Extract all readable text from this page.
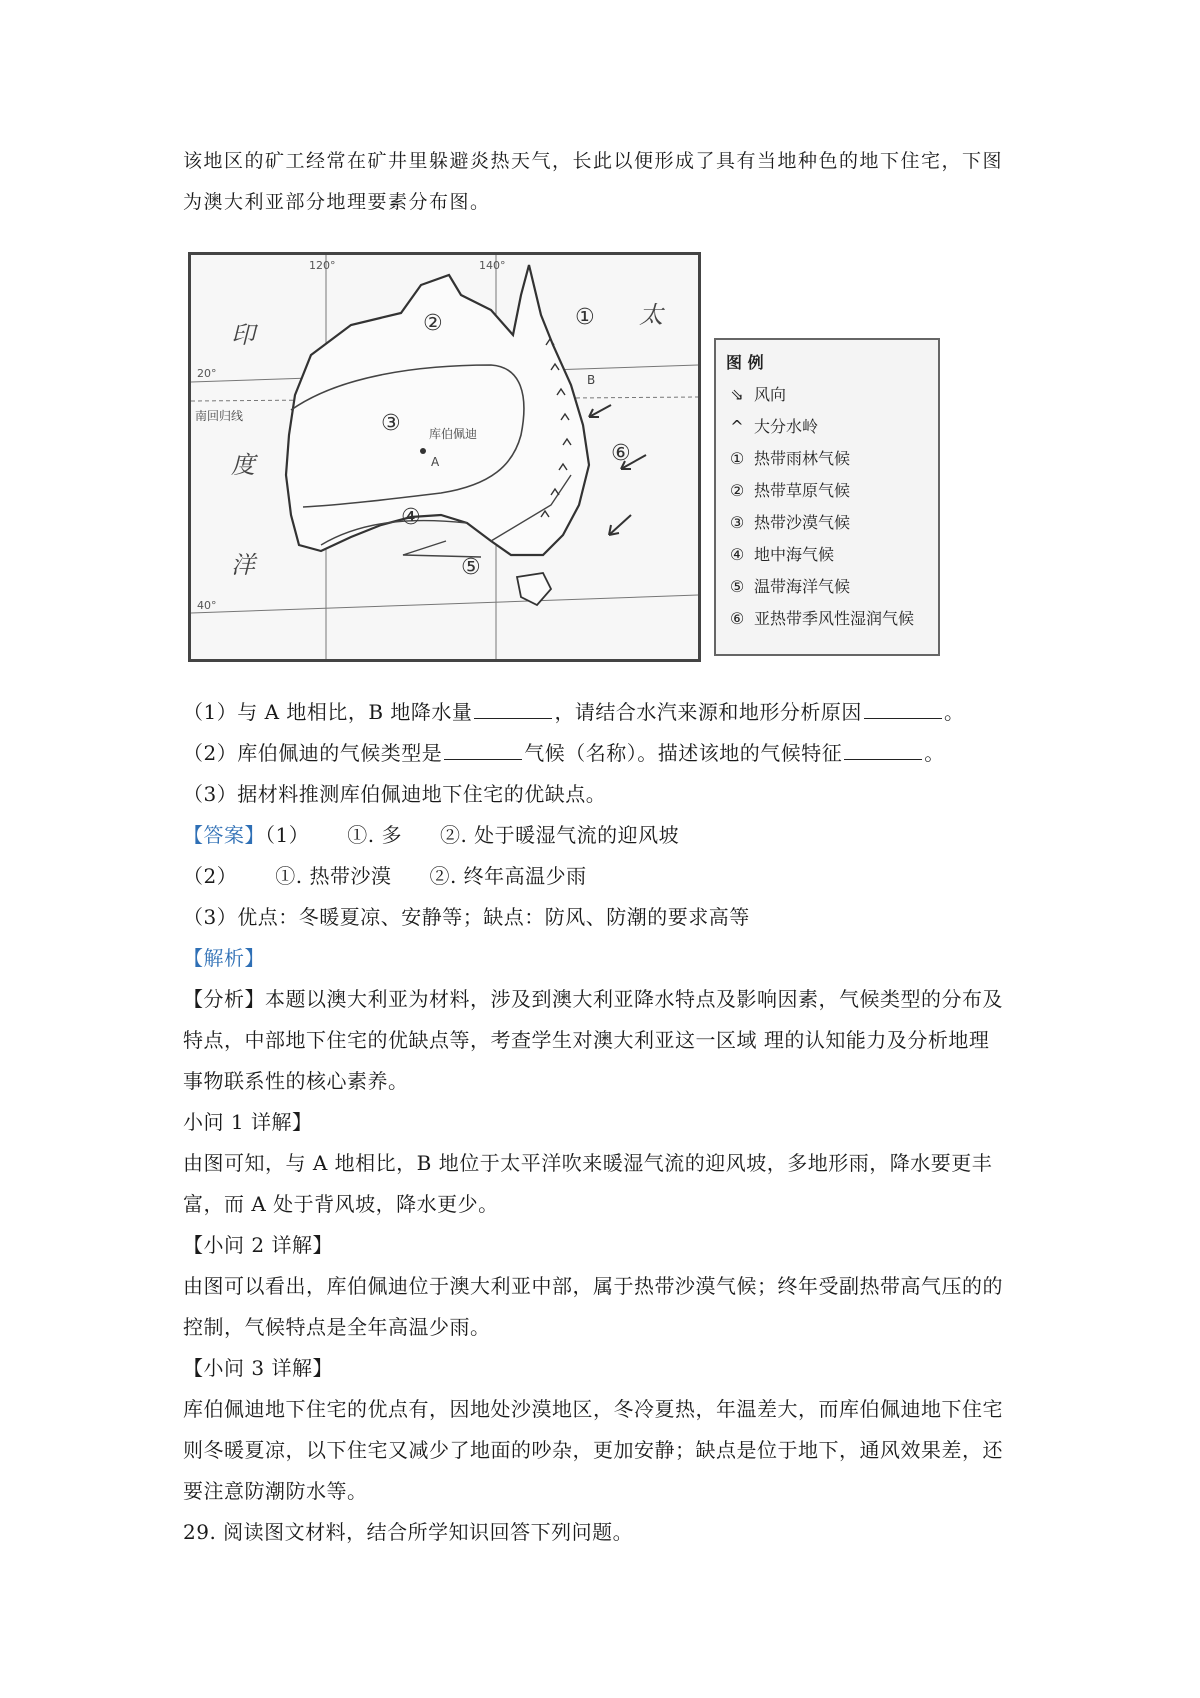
该地区的矿工经常在矿井里躲避炎热天气，长此以便形成了具有当地种色的地下住宅，下图
为澳大利亚部分地理要素分布图。
印
度
洋
太
②	①
③
④
⑤
⑥
120°	140°
20°
40°
南回归线
库伯佩迪
B
A
图 例
⇘ 风向
^ 大分水岭
① 热带雨林气候
② 热带草原气候
③ 热带沙漠气候
④ 地中海气候
⑤ 温带海洋气候
⑥ 亚热带季风性湿润气候
（1）与 A 地相比，B 地降水量	，请结合水汽来源和地形分析原因	。
（2）库伯佩迪的气候类型是	气候（名称）。描述该地的气候特征	。
（3）据材料推测库伯佩迪地下住宅的优缺点。
【答案】（1） ①. 多 ②. 处于暖湿气流的迎风坡
（2） ①. 热带沙漠 ②. 终年高温少雨
（3）优点：冬暖夏凉、安静等；缺点：防风、防潮的要求高等
【解析】
【分析】本题以澳大利亚为材料，涉及到澳大利亚降水特点及影响因素，气候类型的分布及
特点，中部地下住宅的优缺点等，考查学生对澳大利亚这一区域 理的认知能力及分析地理
事物联系性的核心素养。
小问 1 详解】
由图可知，与 A 地相比，B 地位于太平洋吹来暖湿气流的迎风坡，多地形雨，降水要更丰
富，而 A 处于背风坡，降水更少。
【小问 2 详解】
由图可以看出，库伯佩迪位于澳大利亚中部，属于热带沙漠气候；终年受副热带高气压的的
控制，气候特点是全年高温少雨。
【小问 3 详解】
库伯佩迪地下住宅的优点有，因地处沙漠地区，冬冷夏热，年温差大，而库伯佩迪地下住宅
则冬暖夏凉，以下住宅又减少了地面的吵杂，更加安静；缺点是位于地下，通风效果差，还
要注意防潮防水等。
29. 阅读图文材料，结合所学知识回答下列问题。
